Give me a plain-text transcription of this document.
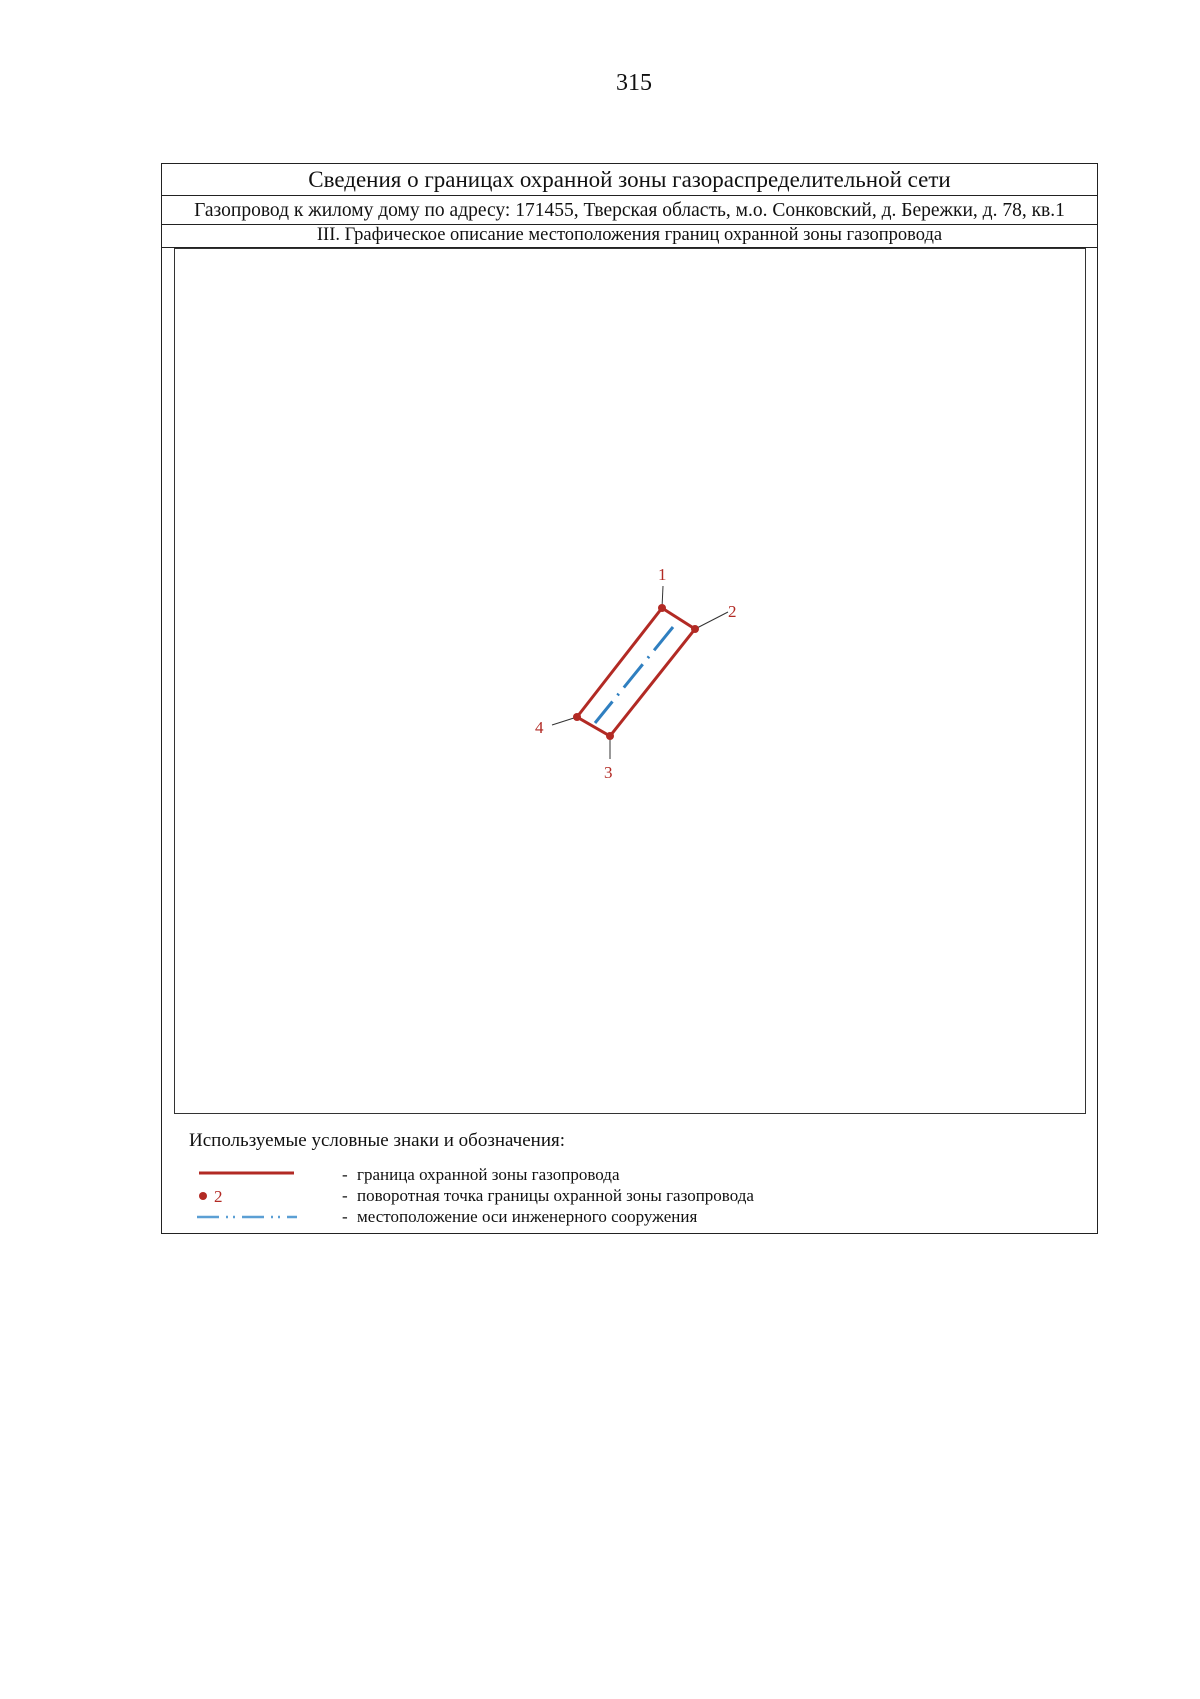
315
Сведения о границах охранной зоны газораспределительной сети
Газопровод к жилому дому по адресу: 171455, Тверская область, м.о. Сонковский, д. Бережки, д. 78, кв.1
III. Графическое описание местоположения границ охранной зоны газопровода
1
2
3
4
Используемые условные знаки и обозначения:
- граница охранной зоны газопровода
2	- поворотная точка границы охранной зоны газопровода
- местоположение оси инженерного сооружения
